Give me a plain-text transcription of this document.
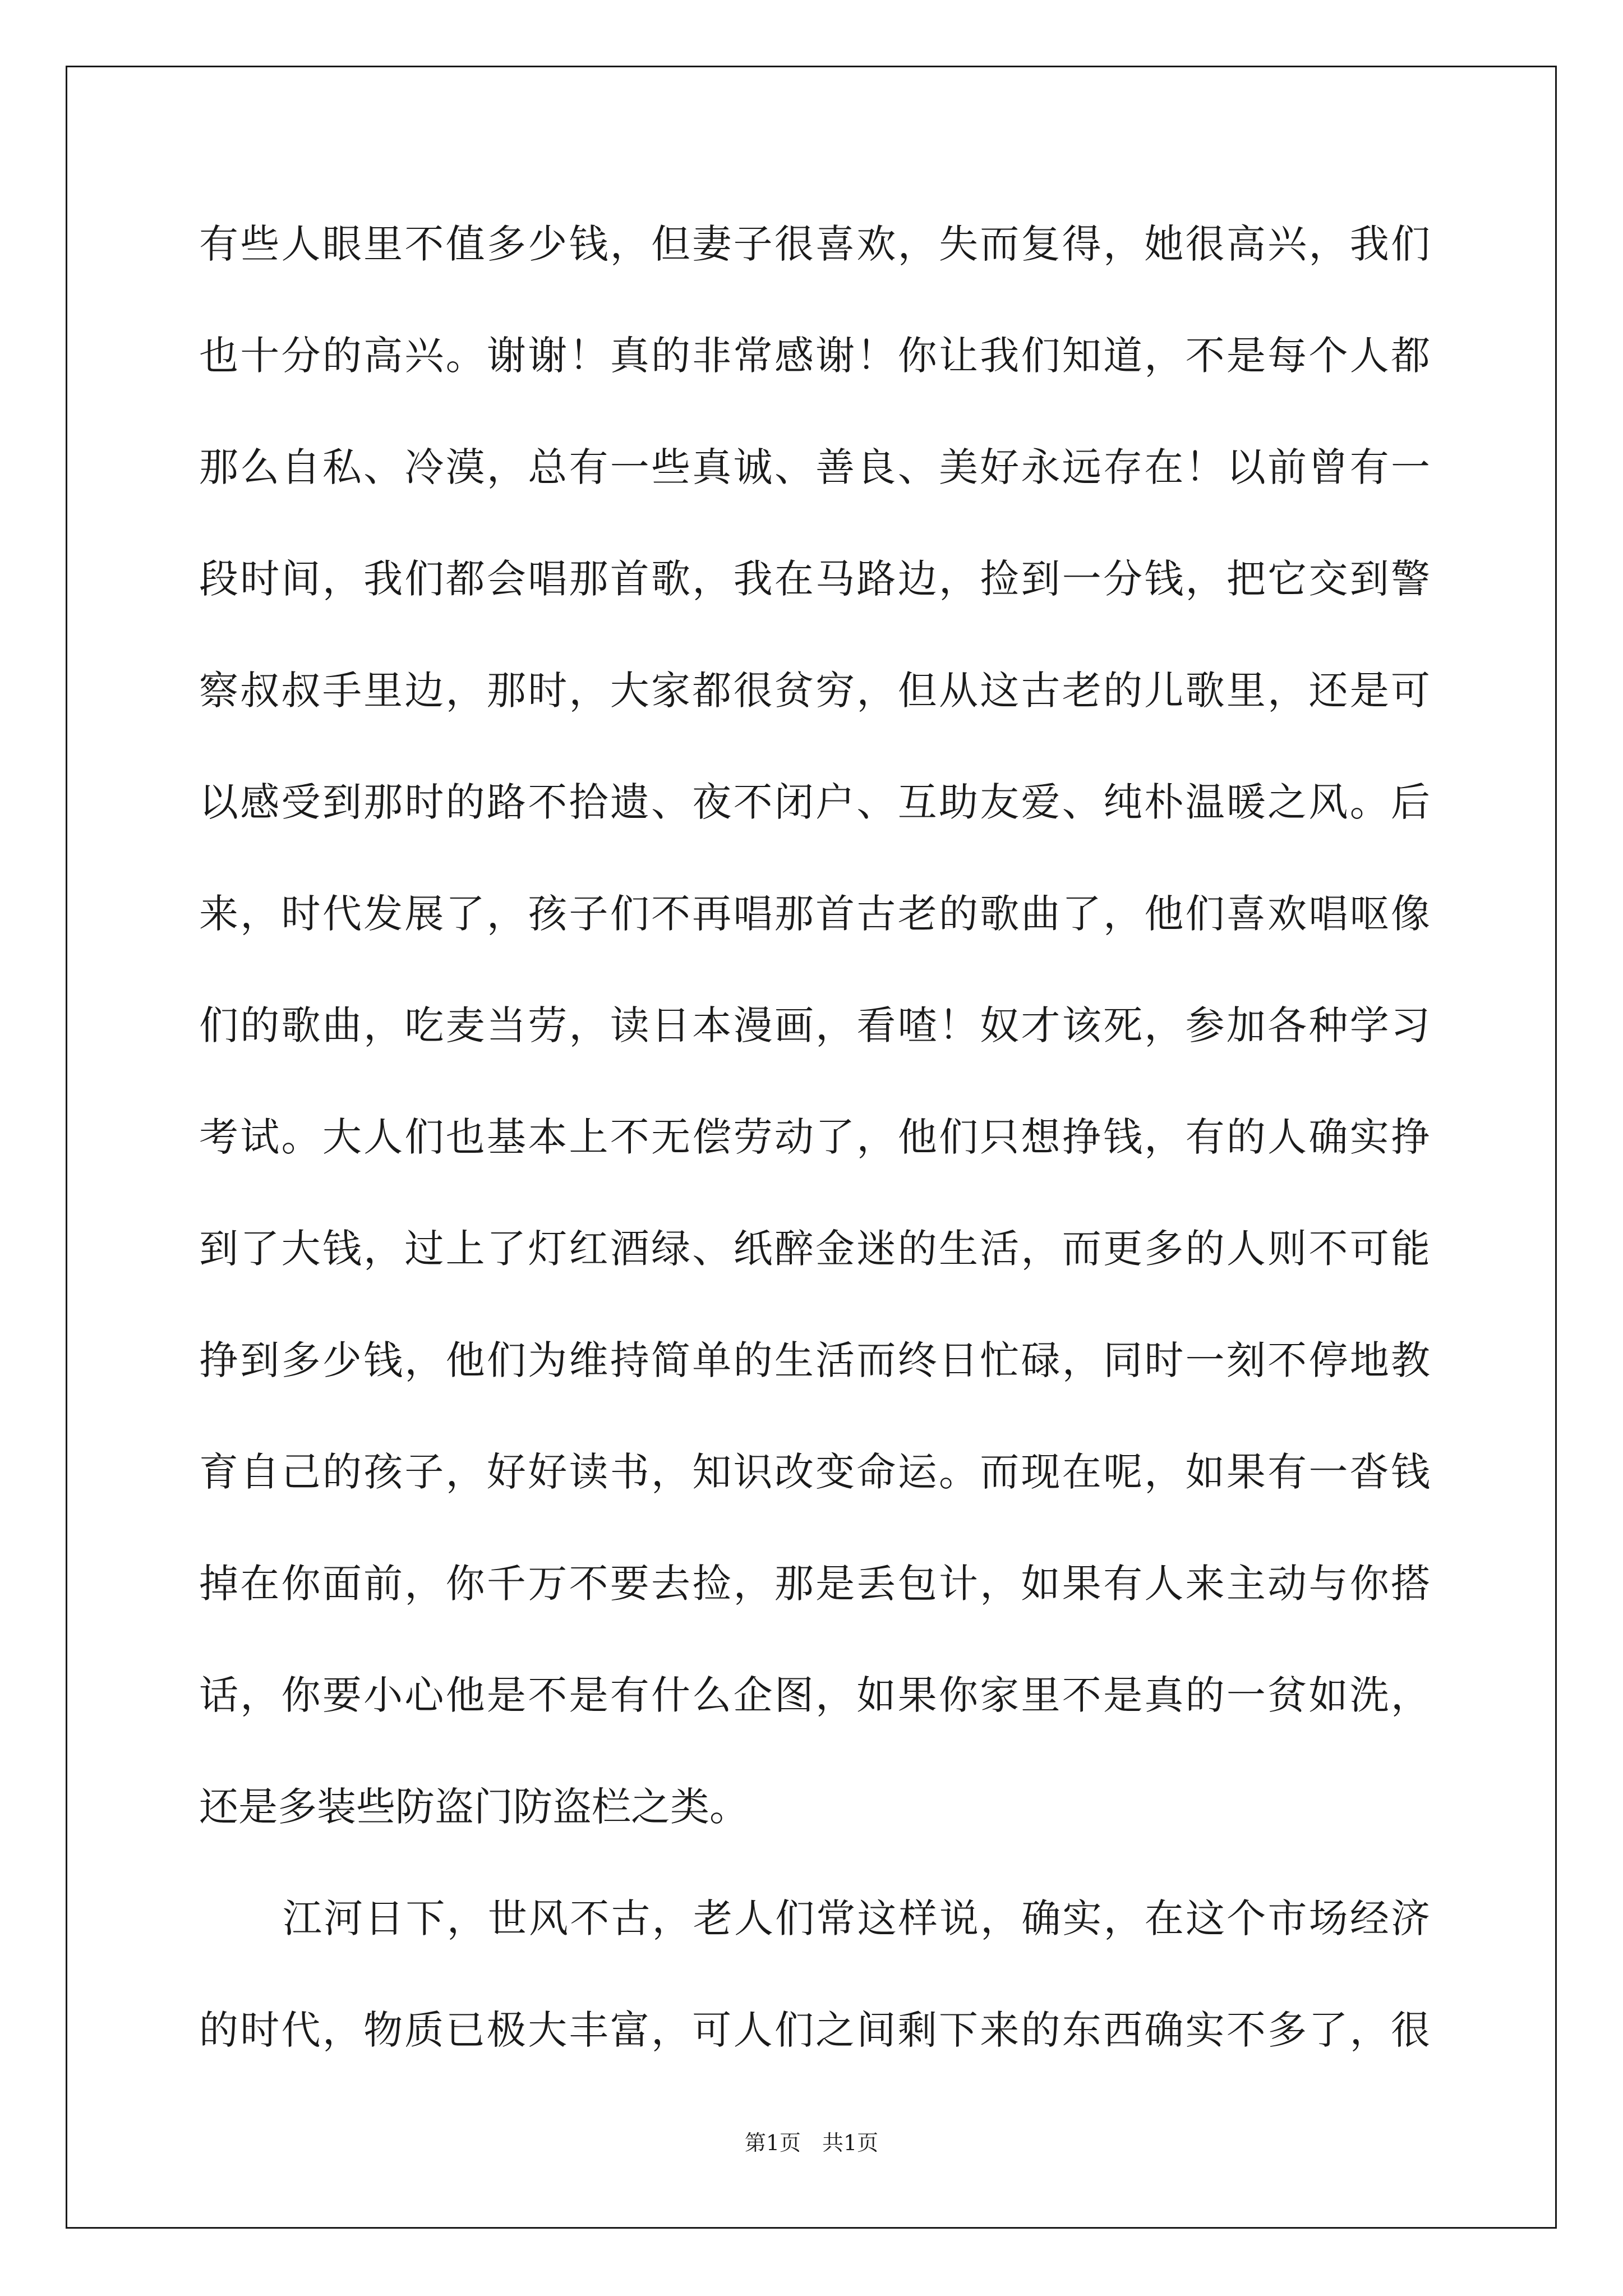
有些人眼里不值多少钱，但妻子很喜欢，失而复得，她很高兴，我们
也十分的高兴。谢谢！真的非常感谢！你让我们知道，不是每个人都
那么自私、冷漠，总有一些真诚、善良、美好永远存在！以前曾有一
段时间，我们都会唱那首歌，我在马路边，捡到一分钱，把它交到警
察叔叔手里边，那时，大家都很贫穷，但从这古老的儿歌里，还是可
以感受到那时的路不拾遗、夜不闭户、互助友爱、纯朴温暖之风。后
来，时代发展了，孩子们不再唱那首古老的歌曲了，他们喜欢唱呕像
们的歌曲，吃麦当劳，读日本漫画，看喳！奴才该死，参加各种学习
考试。大人们也基本上不无偿劳动了，他们只想挣钱，有的人确实挣
到了大钱，过上了灯红酒绿、纸醉金迷的生活，而更多的人则不可能
挣到多少钱，他们为维持简单的生活而终日忙碌，同时一刻不停地教
育自己的孩子，好好读书，知识改变命运。而现在呢，如果有一沓钱
掉在你面前，你千万不要去捡，那是丢包计，如果有人来主动与你搭
话，你要小心他是不是有什么企图，如果你家里不是真的一贫如洗，
还是多装些防盗门防盗栏之类。
江河日下，世风不古，老人们常这样说，确实，在这个市场经济
的时代，物质已极大丰富，可人们之间剩下来的东西确实不多了，很
第1页　共1页
